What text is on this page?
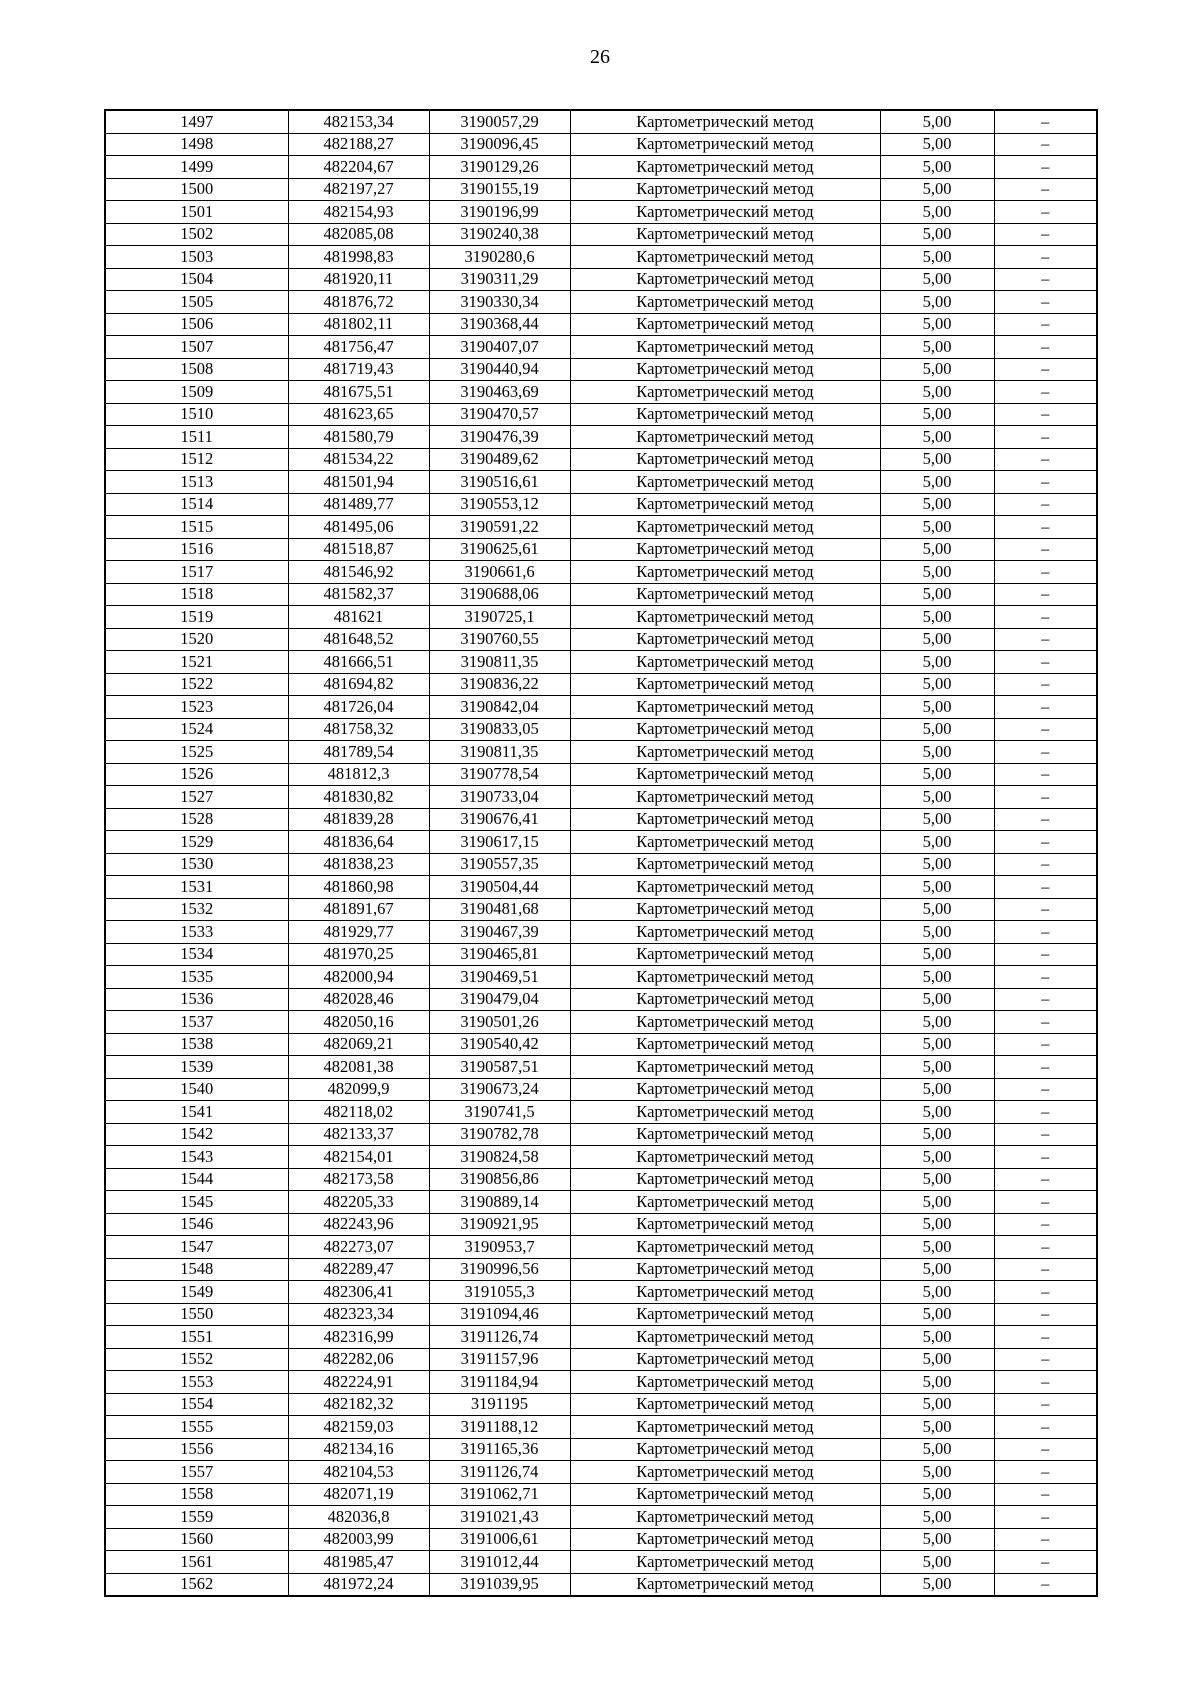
26
1497	482153,34	3190057,29	Картометрический метод	5,00	–
1498	482188,27	3190096,45	Картометрический метод	5,00	–
1499	482204,67	3190129,26	Картометрический метод	5,00	–
1500	482197,27	3190155,19	Картометрический метод	5,00	–
1501	482154,93	3190196,99	Картометрический метод	5,00	–
1502	482085,08	3190240,38	Картометрический метод	5,00	–
1503	481998,83	3190280,6	Картометрический метод	5,00	–
1504	481920,11	3190311,29	Картометрический метод	5,00	–
1505	481876,72	3190330,34	Картометрический метод	5,00	–
1506	481802,11	3190368,44	Картометрический метод	5,00	–
1507	481756,47	3190407,07	Картометрический метод	5,00	–
1508	481719,43	3190440,94	Картометрический метод	5,00	–
1509	481675,51	3190463,69	Картометрический метод	5,00	–
1510	481623,65	3190470,57	Картометрический метод	5,00	–
1511	481580,79	3190476,39	Картометрический метод	5,00	–
1512	481534,22	3190489,62	Картометрический метод	5,00	–
1513	481501,94	3190516,61	Картометрический метод	5,00	–
1514	481489,77	3190553,12	Картометрический метод	5,00	–
1515	481495,06	3190591,22	Картометрический метод	5,00	–
1516	481518,87	3190625,61	Картометрический метод	5,00	–
1517	481546,92	3190661,6	Картометрический метод	5,00	–
1518	481582,37	3190688,06	Картометрический метод	5,00	–
1519	481621	3190725,1	Картометрический метод	5,00	–
1520	481648,52	3190760,55	Картометрический метод	5,00	–
1521	481666,51	3190811,35	Картометрический метод	5,00	–
1522	481694,82	3190836,22	Картометрический метод	5,00	–
1523	481726,04	3190842,04	Картометрический метод	5,00	–
1524	481758,32	3190833,05	Картометрический метод	5,00	–
1525	481789,54	3190811,35	Картометрический метод	5,00	–
1526	481812,3	3190778,54	Картометрический метод	5,00	–
1527	481830,82	3190733,04	Картометрический метод	5,00	–
1528	481839,28	3190676,41	Картометрический метод	5,00	–
1529	481836,64	3190617,15	Картометрический метод	5,00	–
1530	481838,23	3190557,35	Картометрический метод	5,00	–
1531	481860,98	3190504,44	Картометрический метод	5,00	–
1532	481891,67	3190481,68	Картометрический метод	5,00	–
1533	481929,77	3190467,39	Картометрический метод	5,00	–
1534	481970,25	3190465,81	Картометрический метод	5,00	–
1535	482000,94	3190469,51	Картометрический метод	5,00	–
1536	482028,46	3190479,04	Картометрический метод	5,00	–
1537	482050,16	3190501,26	Картометрический метод	5,00	–
1538	482069,21	3190540,42	Картометрический метод	5,00	–
1539	482081,38	3190587,51	Картометрический метод	5,00	–
1540	482099,9	3190673,24	Картометрический метод	5,00	–
1541	482118,02	3190741,5	Картометрический метод	5,00	–
1542	482133,37	3190782,78	Картометрический метод	5,00	–
1543	482154,01	3190824,58	Картометрический метод	5,00	–
1544	482173,58	3190856,86	Картометрический метод	5,00	–
1545	482205,33	3190889,14	Картометрический метод	5,00	–
1546	482243,96	3190921,95	Картометрический метод	5,00	–
1547	482273,07	3190953,7	Картометрический метод	5,00	–
1548	482289,47	3190996,56	Картометрический метод	5,00	–
1549	482306,41	3191055,3	Картометрический метод	5,00	–
1550	482323,34	3191094,46	Картометрический метод	5,00	–
1551	482316,99	3191126,74	Картометрический метод	5,00	–
1552	482282,06	3191157,96	Картометрический метод	5,00	–
1553	482224,91	3191184,94	Картометрический метод	5,00	–
1554	482182,32	3191195	Картометрический метод	5,00	–
1555	482159,03	3191188,12	Картометрический метод	5,00	–
1556	482134,16	3191165,36	Картометрический метод	5,00	–
1557	482104,53	3191126,74	Картометрический метод	5,00	–
1558	482071,19	3191062,71	Картометрический метод	5,00	–
1559	482036,8	3191021,43	Картометрический метод	5,00	–
1560	482003,99	3191006,61	Картометрический метод	5,00	–
1561	481985,47	3191012,44	Картометрический метод	5,00	–
1562	481972,24	3191039,95	Картометрический метод	5,00	–
